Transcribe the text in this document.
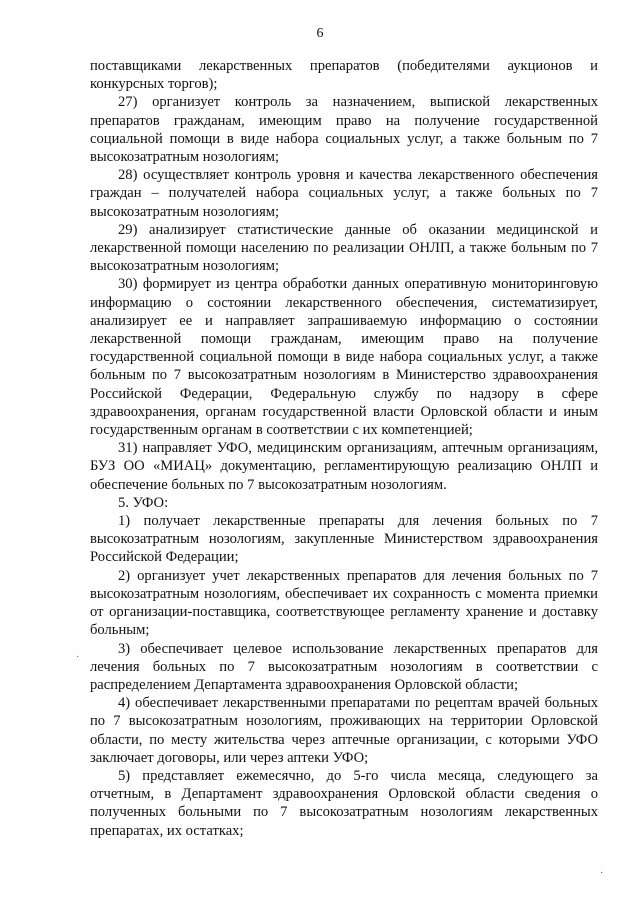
6

поставщиками лекарственных препаратов (победителями аукционов и конкурсных торгов);

27) организует контроль за назначением, выпиской лекарственных препаратов гражданам, имеющим право на получение государственной социальной помощи в виде набора социальных услуг, а также больным по 7 высокозатратным нозологиям;

28) осуществляет контроль уровня и качества лекарственного обеспечения граждан – получателей набора социальных услуг, а также больных по 7 высокозатратным нозологиям;

29) анализирует статистические данные об оказании медицинской и лекарственной помощи населению по реализации ОНЛП, а также больным по 7 высокозатратным нозологиям;

30) формирует из центра обработки данных оперативную мониторинговую информацию о состоянии лекарственного обеспечения, систематизирует, анализирует ее и направляет запрашиваемую информацию о состоянии лекарственной помощи гражданам, имеющим право на получение государственной социальной помощи в виде набора социальных услуг, а также больным по 7 высокозатратным нозологиям в Министерство здравоохранения Российской Федерации, Федеральную службу по надзору в сфере здравоохранения, органам государственной власти Орловской области и иным государственным органам в соответствии с их компетенцией;

31) направляет УФО, медицинским организациям, аптечным организациям, БУЗ ОО «МИАЦ» документацию, регламентирующую реализацию ОНЛП и обеспечение больных по 7 высокозатратным нозологиям.

5. УФО:

1) получает лекарственные препараты для лечения больных по 7 высокозатратным нозологиям, закупленные Министерством здравоохранения Российской Федерации;

2) организует учет лекарственных препаратов для лечения больных по 7 высокозатратным нозологиям, обеспечивает их сохранность с момента приемки от организации-поставщика, соответствующее регламенту хранение и доставку больным;

3) обеспечивает целевое использование лекарственных препаратов для лечения больных по 7 высокозатратным нозологиям в соответствии с распределением Департамента здравоохранения Орловской области;

4) обеспечивает лекарственными препаратами по рецептам врачей больных по 7 высокозатратным нозологиям, проживающих на территории Орловской области, по месту жительства через аптечные организации, с которыми УФО заключает договоры, или через аптеки УФО;

5) представляет ежемесячно, до 5-го числа месяца, следующего за отчетным, в Департамент здравоохранения Орловской области сведения о полученных больными по 7 высокозатратным нозологиям лекарственных препаратах, их остатках;

·
·
